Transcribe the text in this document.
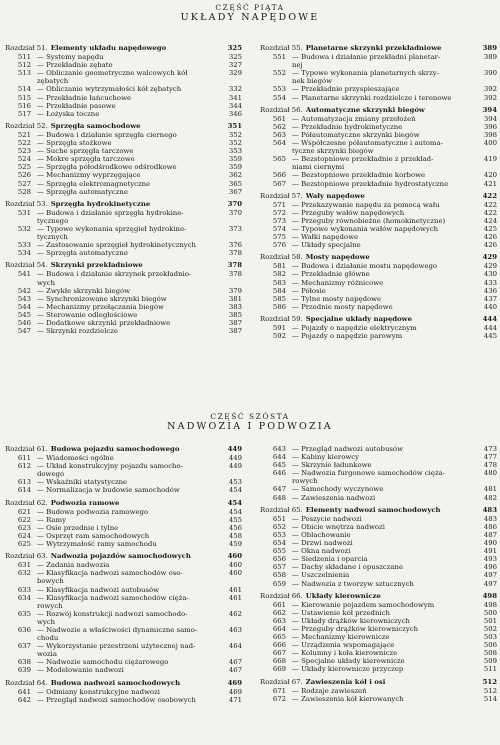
CZĘŚĆ PIĄTA
UKŁADY NAPĘDOWE
Rozdział 51. Elementy układu napędowego	325
511 — Systemy napędu	325
512 — Przekładnie zębate	327
513 — Obliczanie geometryczne walcowych kół	329
zębatych
514 — Obliczanie wytrzymałości kół zębatych	332
515 — Przekładnie łańcuchowe	341
516 — Przekładnie pasowe	344
517 — Łożyska toczne	346
Rozdział 52. Sprzęgła samochodowe	351
521 — Budowa i działanie sprzęgła ciernego	352
522 — Sprzęgła stożkowe	352
523 — Suche sprzęgła tarczowe	353
524 — Mokre sprzęgła tarczowe	359
525 — Sprzęgła półodśrodkowe odśrodkowe	359
526 — Mechanizmy wyprzęgające	362
527 — Sprzęgła elektromagnetyczne	365
528 — Sprzęgła automatyczne	367
Rozdział 53. Sprzęgła hydrokinetyczne	370
531 — Budowa i działanie sprzęgła hydrokine-	370
tycznego
532 — Typowe wykonania sprzęgieł hydrokine-	373
tycznych
533 — Zastosowanie sprzęgieł hydrokinetycznych	376
534 — Sprzęgła automatyczne	378
Rozdział 54. Skrzynki przekładniowe	378
541 — Budowa i działanie skrzynek przekładnio-	378
wych
542 — Zwykłe skrzynki biegów	379
543 — Synchronizowane skrzynki biegów	381
544 — Mechanizmy przełączania biegów	383
545 — Sterowanie odległościowe	385
546 — Dodatkowe skrzynki przekładniowe	387
547 — Skrzynki rozdzielcze	387
Rozdział 55. Planetarne skrzynki przekładniowe	389
551 — Budowa i działanie przekładni planetar-	389
nej
552 — Typowe wykonania planetarnych skrzy-	390
nek biegów
553 — Przekładnie przyspieszające	392
554 — Planetarne skrzynki rozdzielcze i terenowe	392
Rozdział 56. Automatyczne skrzynki biegów	394
561 — Automatyzacja zmiany przełożeń	394
562 — Przekładnie hydrokinetyczne	396
563 — Półautomatyczne skrzynki biegów	398
564 — Współczesne półautomatyczne i automa-	400
tyczne skrzynki biegów
565 — Bezstopniowe przekładnie z przekład-	419
niami ciernymi
566 — Bezstopniowe przekładnie korbowe	420
567 — Bezstopniowe przekładnie hydrostatyczne	421
Rozdział 57. Wały napędowe	422
571 — Przekazywanie napędu za pomocą wału	422
572 — Przeguby wałów napędowych	422
573 — Przeguby równobieżne (homokinetyczne)	424
574 — Typowe wykonania wałów napędowych	425
575 — Wałki napędowe	426
576 — Układy specjalne	426
Rozdział 58. Mosty napędowe	429
581 — Budowa i działanie mostu napędowego	429
582 — Przekładnie główne	430
583 — Mechanizmy różnicowe	433
584 — Półosie	436
585 — Tylne mosty napędowe	437
586 — Przednie mosty napędowe	440
Rozdział 59. Specjalne układy napędowe	444
591 — Pojazdy o napędzie elektrycznym	444
592 — Pojazdy o napędzie parowym	445
CZĘŚĆ SZÓSTA
NADWOZIA I PODWOZIA
Rozdział 61. Budowa pojazdu samochodowego	449
611 — Wiadomości ogólne	449
612 — Układ konstrukcyjny pojazdu samocho-	449
dowego
613 — Wskaźniki statystyczne	453
614 — Normalizacja w budowie samochodów	454
Rozdział 62. Podwozia ramowe	454
621 — Budowa podwozia ramowego	454
622 — Ramy	455
623 — Osie przednie i tylne	456
624 — Osprzęt ram samochodowych	458
625 — Wytrzymałość ramy samochodu	459
Rozdział 63. Nadwozia pojazdów samochodowych	460
631 — Zadania nadwozia	460
632 — Klasyfikacja nadwozi samochodów oso-	460
bowych
633 — Klasyfikacja nadwozi autobusów	461
634 — Klasyfikacja nadwozi samochodów cięża-	461
rowych
635 — Rozwój konstrukcji nadwozi samochodo-	462
wych
636 — Nadwozie a właściwości dynamiczne samo-	463
chodu
637 — Wykorzystanie przestrzeni użytecznej nad-	464
wozia
638 — Nadwozie samochodu ciężarowego	467
639 — Modelowanie nadwozi	467
Rozdział 64. Budowa nadwozi samochodowych	469
641 — Odmiany konstrukcyjne nadwozi	469
642 — Przegląd nadwozi samochodów osobowych	471
643 — Przegląd nadwozi autobusów	473
644 — Kabiny kierowcy	477
645 — Skrzynie ładunkowe	478
646 — Nadwozia furgonowe samochodów cięża-	480
rowych
647 — Samochody wyczynowe	481
648 — Zawieszenia nadwozi	482
Rozdział 65. Elementy nadwozi samochodowych	483
651 — Poszycie nadwozi	483
652 — Obicie wnętrza nadwozi	486
653 — Oblachowanie	487
654 — Drzwi nadwozi	490
655 — Okna nadwozi	491
656 — Siedzenia i oparcia	493
657 — Dachy składane i opuszczane	496
658 — Uszczelnienia	497
659 — Nadwozia z tworzyw sztucznych	497
Rozdział 66. Układy kierownicze	498
661 — Kierowanie pojazdem samochodowym	498
662 — Ustawienie kół przednich	500
663 — Układy drążków kierowniczych	501
664 — Przeguby drążków kierowniczych	502
665 — Mechanizmy kierownicze	503
666 — Urządzenia wspomagające	506
667 — Kolumny i koła kierownicze	508
668 — Specjalne układy kierownicze	509
669 — Układy kierownicze przyczep	511
Rozdział 67. Zawieszenia kół i osi	512
671 — Rodzaje zawieszeń	512
672 — Zawieszenia kół kierowanych	514
